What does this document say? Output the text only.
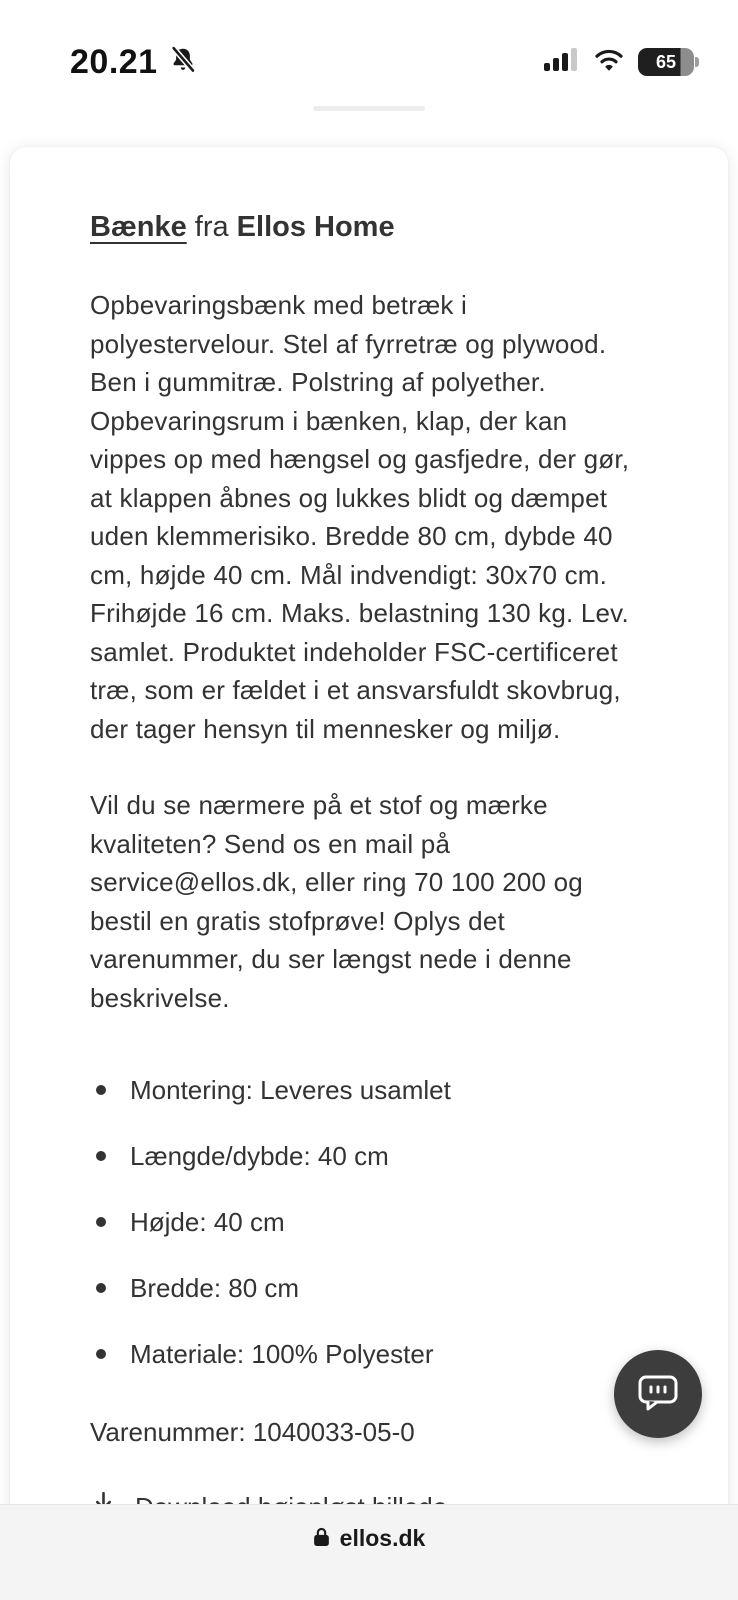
20.21	65
Bænke fra Ellos Home

Opbevaringsbænk med betræk i polyestervelour. Stel af fyrretræ og plywood. Ben i gummitræ. Polstring af polyether. Opbevaringsrum i bænken, klap, der kan vippes op med hængsel og gasfjedre, der gør, at klappen åbnes og lukkes blidt og dæmpet uden klemmerisiko. Bredde 80 cm, dybde 40 cm, højde 40 cm. Mål indvendigt: 30x70 cm. Frihøjde 16 cm. Maks. belastning 130 kg. Lev. samlet. Produktet indeholder FSC-certificeret træ, som er fældet i et ansvarsfuldt skovbrug, der tager hensyn til mennesker og miljø.

Vil du se nærmere på et stof og mærke kvaliteten? Send os en mail på service@ellos.dk, eller ring 70 100 200 og bestil en gratis stofprøve! Oplys det varenummer, du ser længst nede i denne beskrivelse.

Montering: Leveres usamlet
Længde/dybde: 40 cm
Højde: 40 cm
Bredde: 80 cm
Materiale: 100% Polyester

Varenummer: 1040033-05-0

ellos.dk
